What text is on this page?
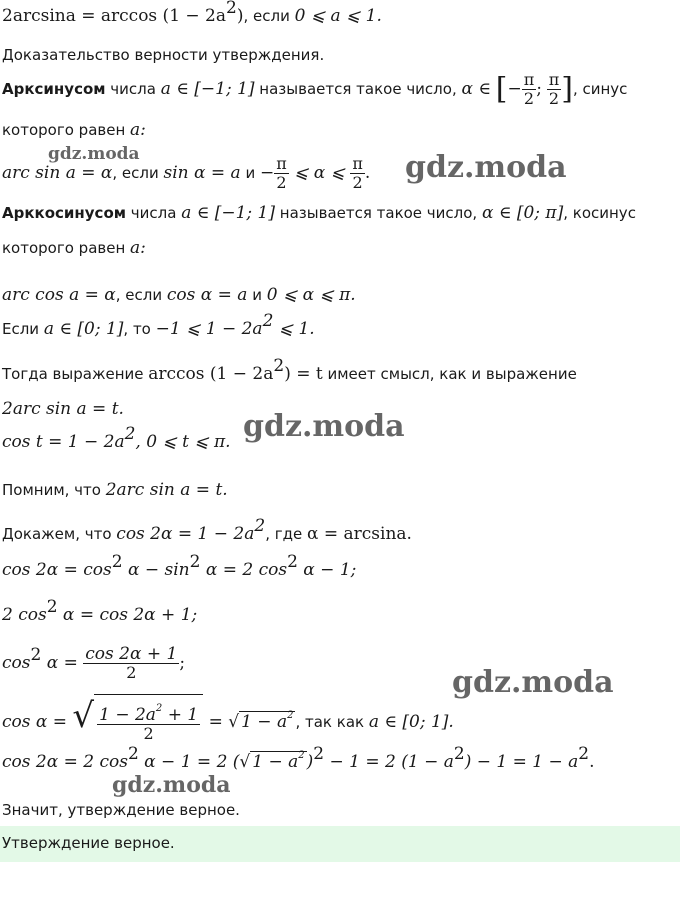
$2\arcsin a = \arccos (1 - 2a^2)$, если 0 ⩽ a ⩽ 1.
Доказательство верности утверждения.
Арксинусом числа a ∈ [−1; 1] называется такое число, α ∈ [− $\frac{\pi}{2}$ ; $\frac{\pi}{2}$ ], синус
которого равен a:
arc sin a = α, если sin α = a $и - \frac{\pi}{2}$ ⩽ α ⩽ $\frac{\pi}{2}$ .
Арккосинусом числа a ∈ [−1; 1] называется такое число, α ∈ [0; π], косинус
которого равен a:
arc cos a = α, если cos α = a и 0 ⩽ α ⩽ π.
Если a ∈ [0; 1], то −1 ⩽ $1 - 2a^2$ ⩽ 1.
Тогда выражение $\arccos (1 - 2a^2) = t$ имеет смысл, как и выражение
2arc sin a = t.
$\cos t = 1 - 2a^2$, 0 ⩽ t ⩽ π.
Помним, что 2arc sin a = t.
Докажем, что $\cos 2\alpha = 1 - 2a^2$, где α = arcsina.
$\cos 2\alpha = \cos^2 \alpha - \sin^2 \alpha = 2$ $\cos^2 \alpha - 1$;
2 $\cos^2 \alpha = \cos 2\alpha + 1$;
$\cos^2 \alpha = \frac{\cos 2\alpha + 1}{2}$ ;
cos α = √ $\frac{1 - 2a^2 + 1}{2}$ = √ $1 - a^2$ , так как a ∈ [0; 1].
cos 2α = 2 $\cos^2 \alpha - 1 = 2$ (√ $1 - a^2$ )$^2$ − 1 = 2 $(1 - a^2) - 1 = 1 - a^2$.
Значит, утверждение верное.
Утверждение верное.
gdz.moda	gdz.moda
gdz.moda
gdz.moda
gdz.moda
